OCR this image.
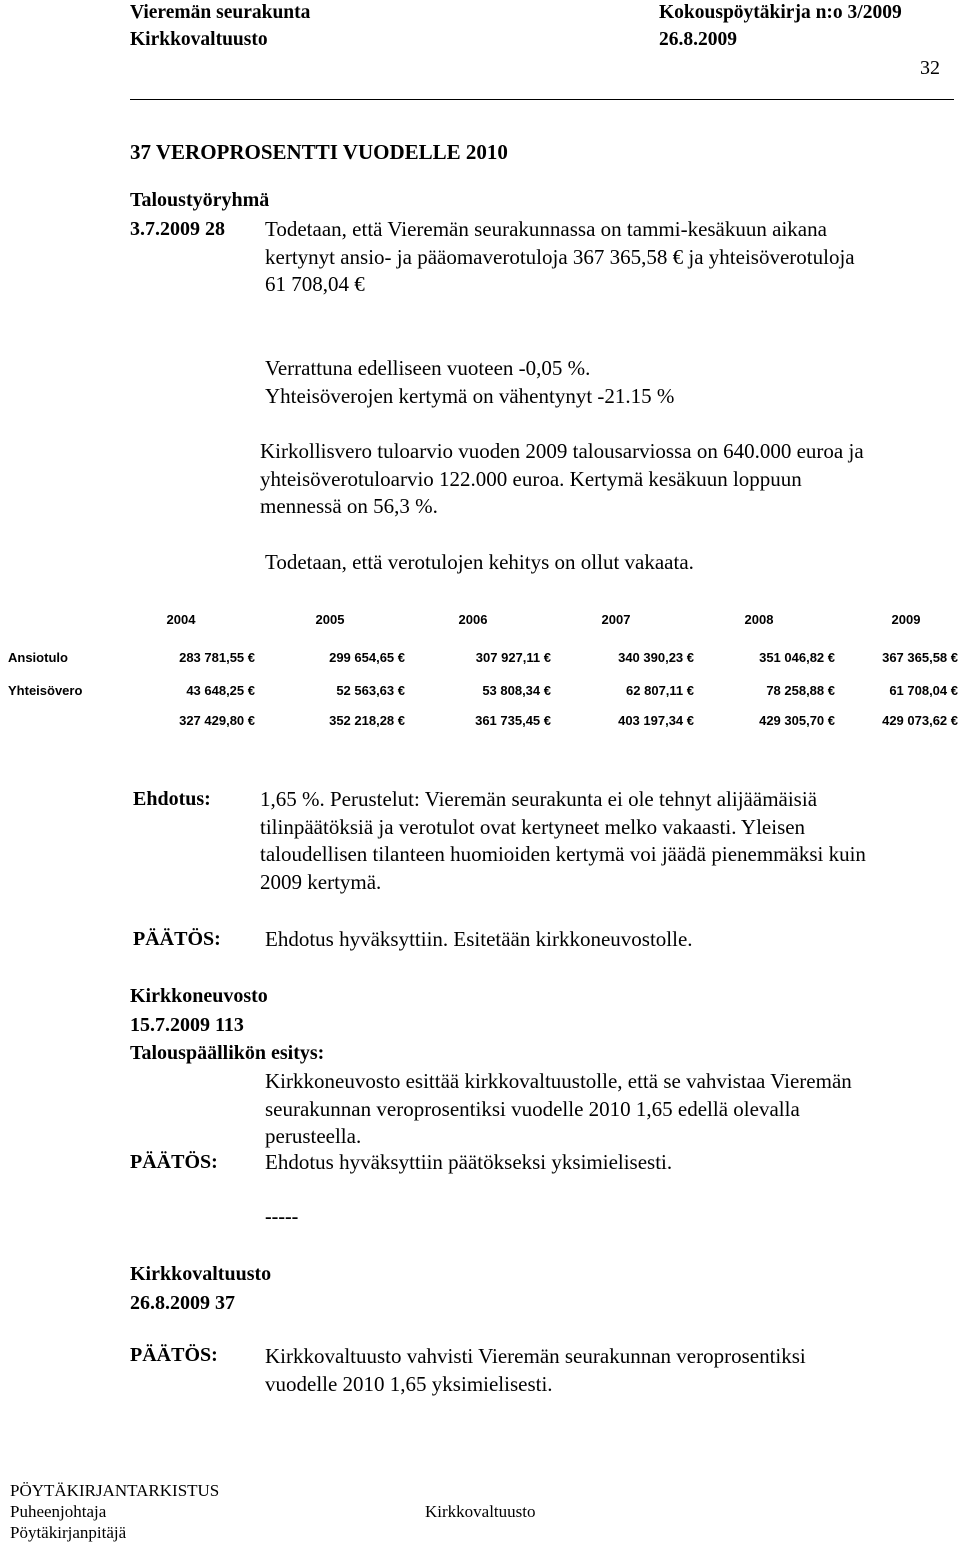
Vieremän seurakunta	Kokouspöytäkirja n:o 3/2009
Kirkkovaltuusto	26.8.2009
32
37 VEROPROSENTTI VUODELLE 2010
Taloustyöryhmä
3.7.2009 28 Todetaan, että Vieremän seurakunnassa on tammi-kesäkuun aikana
kertynyt ansio- ja pääomaverotuloja 367 365,58 € ja yhteisöverotuloja
61 708,04 €
Verrattuna edelliseen vuoteen -0,05 %.
Yhteisöverojen kertymä on vähentynyt -21.15 %
Kirkollisvero tuloarvio vuoden 2009 talousarviossa on 640.000 euroa ja
yhteisöverotuloarvio 122.000 euroa. Kertymä kesäkuun loppuun
mennessä on 56,3 %.
Todetaan, että verotulojen kehitys on ollut vakaata.
2004	2005	2006	2007	2008	2009
Ansiotulo	283 781,55 €	299 654,65 €	307 927,11 €	340 390,23 €	351 046,82 €	367 365,58 €
Yhteisövero	43 648,25 €	52 563,63 €	53 808,34 €	62 807,11 €	78 258,88 €	61 708,04 €
327 429,80 €	352 218,28 €	361 735,45 €	403 197,34 €	429 305,70 €	429 073,62 €
Ehdotus: 1,65 %. Perustelut: Vieremän seurakunta ei ole tehnyt alijäämäisiä
tilinpäätöksiä ja verotulot ovat kertyneet melko vakaasti. Yleisen
taloudellisen tilanteen huomioiden kertymä voi jäädä pienemmäksi kuin
2009 kertymä.
PÄÄTÖS: Ehdotus hyväksyttiin. Esitetään kirkkoneuvostolle.
Kirkkoneuvosto
15.7.2009 113
Talouspäällikön esitys:
Kirkkoneuvosto esittää kirkkovaltuustolle, että se vahvistaa Vieremän
seurakunnan veroprosentiksi vuodelle 2010 1,65 edellä olevalla
perusteella.
PÄÄTÖS: Ehdotus hyväksyttiin päätökseksi yksimielisesti.
-----
Kirkkovaltuusto
26.8.2009 37
PÄÄTÖS: Kirkkovaltuusto vahvisti Vieremän seurakunnan veroprosentiksi
vuodelle 2010 1,65 yksimielisesti.
PÖYTÄKIRJANTARKISTUS
Puheenjohtaja
Pöytäkirjanpitäjä
Kirkkovaltuusto
